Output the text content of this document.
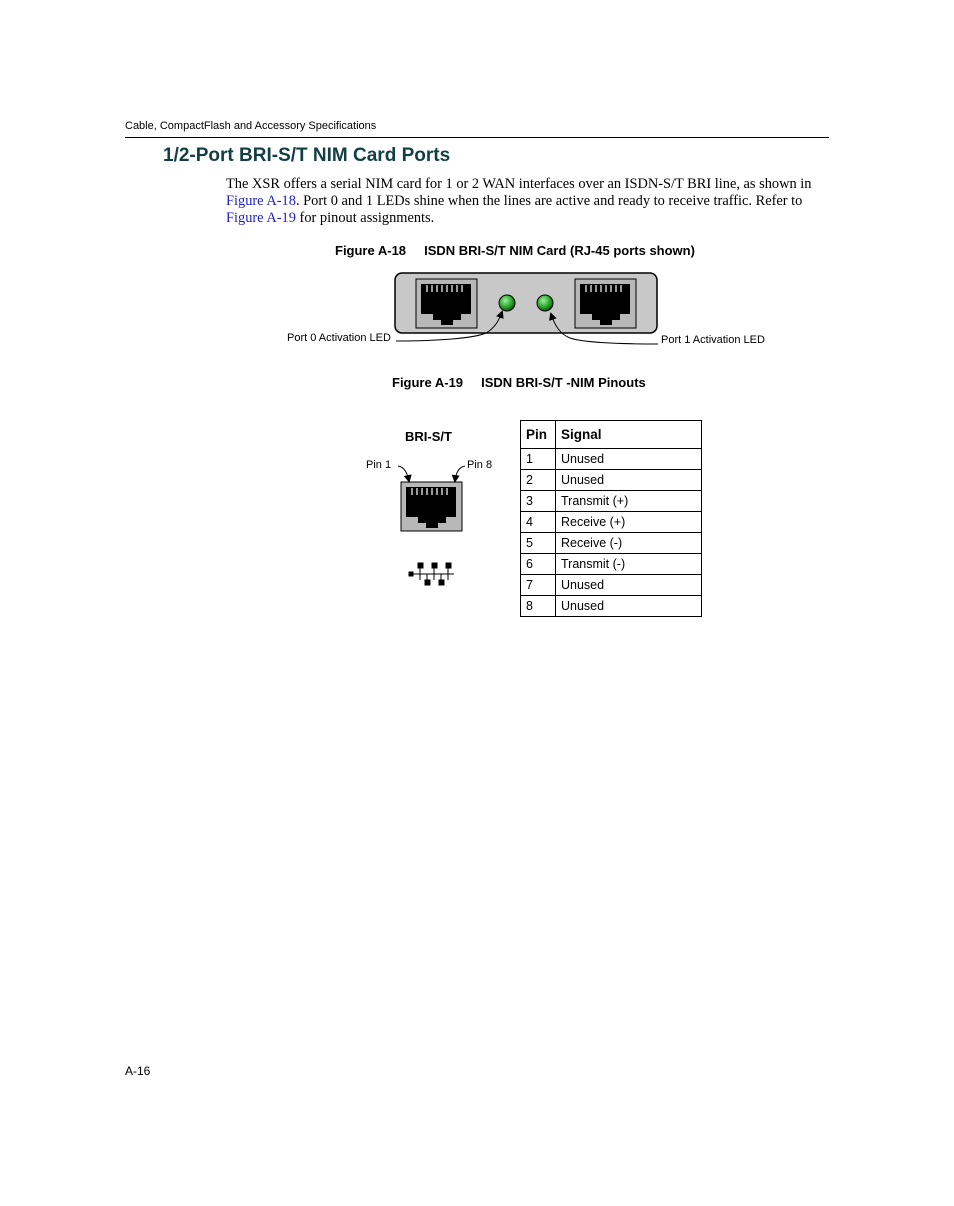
Cable, CompactFlash and Accessory Specifications
1/2-Port BRI-S/T NIM Card Ports

The XSR offers a serial NIM card for 1 or 2 WAN interfaces over an ISDN-S/T BRI line, as shown in Figure A-18. Port 0 and 1 LEDs shine when the lines are active and ready to receive traffic. Refer to Figure A-19 for pinout assignments.

Figure A-18     ISDN BRI-S/T NIM Card (RJ-45 ports shown)
Port 0 Activation LED	Port 1 Activation LED
Figure A-19     ISDN BRI-S/T -NIM Pinouts
BRI-S/T
Pin 1	Pin 8
Pin	Signal
1	Unused
2	Unused
3	Transmit (+)
4	Receive (+)
5	Receive (-)
6	Transmit (-)
7	Unused
8	Unused
A-16
